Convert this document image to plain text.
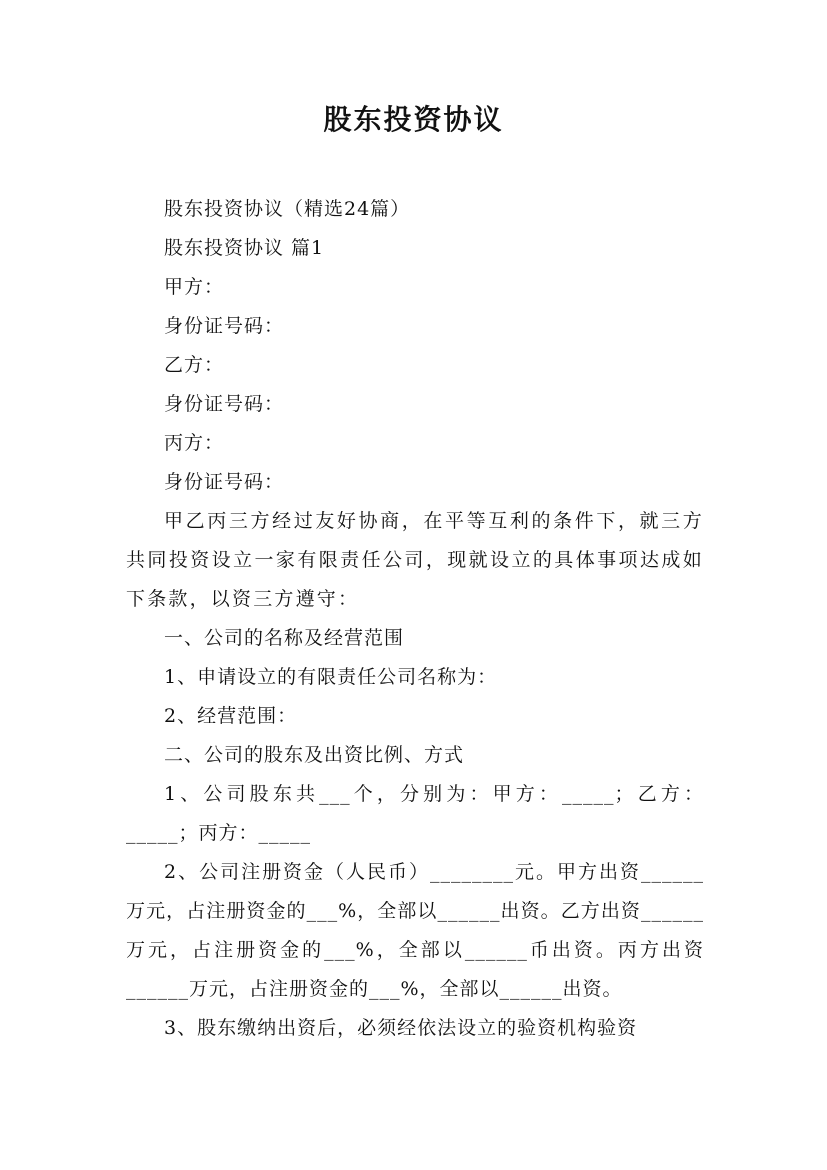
股东投资协议

股东投资协议（精选24篇）

股东投资协议 篇1

甲方：

身份证号码：

乙方：

身份证号码：

丙方：

身份证号码：

甲乙丙三方经过友好协商，在平等互利的条件下，就三方共同投资设立一家有限责任公司，现就设立的具体事项达成如下条款，以资三方遵守：

一、公司的名称及经营范围

1、申请设立的有限责任公司名称为：

2、经营范围：

二、公司的股东及出资比例、方式

1、公司股东共___个，分别为：甲方：_____；乙方：_____；丙方：_____

2、公司注册资金（人民币）________元。甲方出资______万元，占注册资金的___%，全部以______出资。乙方出资______万元，占注册资金的___%，全部以______币出资。丙方出资______万元，占注册资金的___%，全部以______出资。

3、股东缴纳出资后，必须经依法设立的验资机构验资
